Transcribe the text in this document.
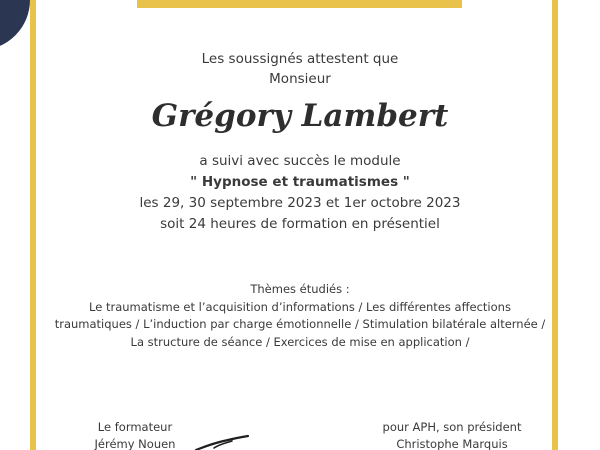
Les soussignés attestent que
Monsieur
Grégory Lambert
a suivi avec succès le module
" Hypnose et traumatismes "
les 29, 30 septembre 2023 et 1er octobre 2023
soit 24 heures de formation en présentiel
Thèmes étudiés :
Le traumatisme et l’acquisition d’informations / Les différentes affections
traumatiques / L’induction par charge émotionnelle / Stimulation bilatérale alternée /
La structure de séance / Exercices de mise en application /
Le formateur
Jérémy Nouen
pour APH, son président
Christophe Marquis
